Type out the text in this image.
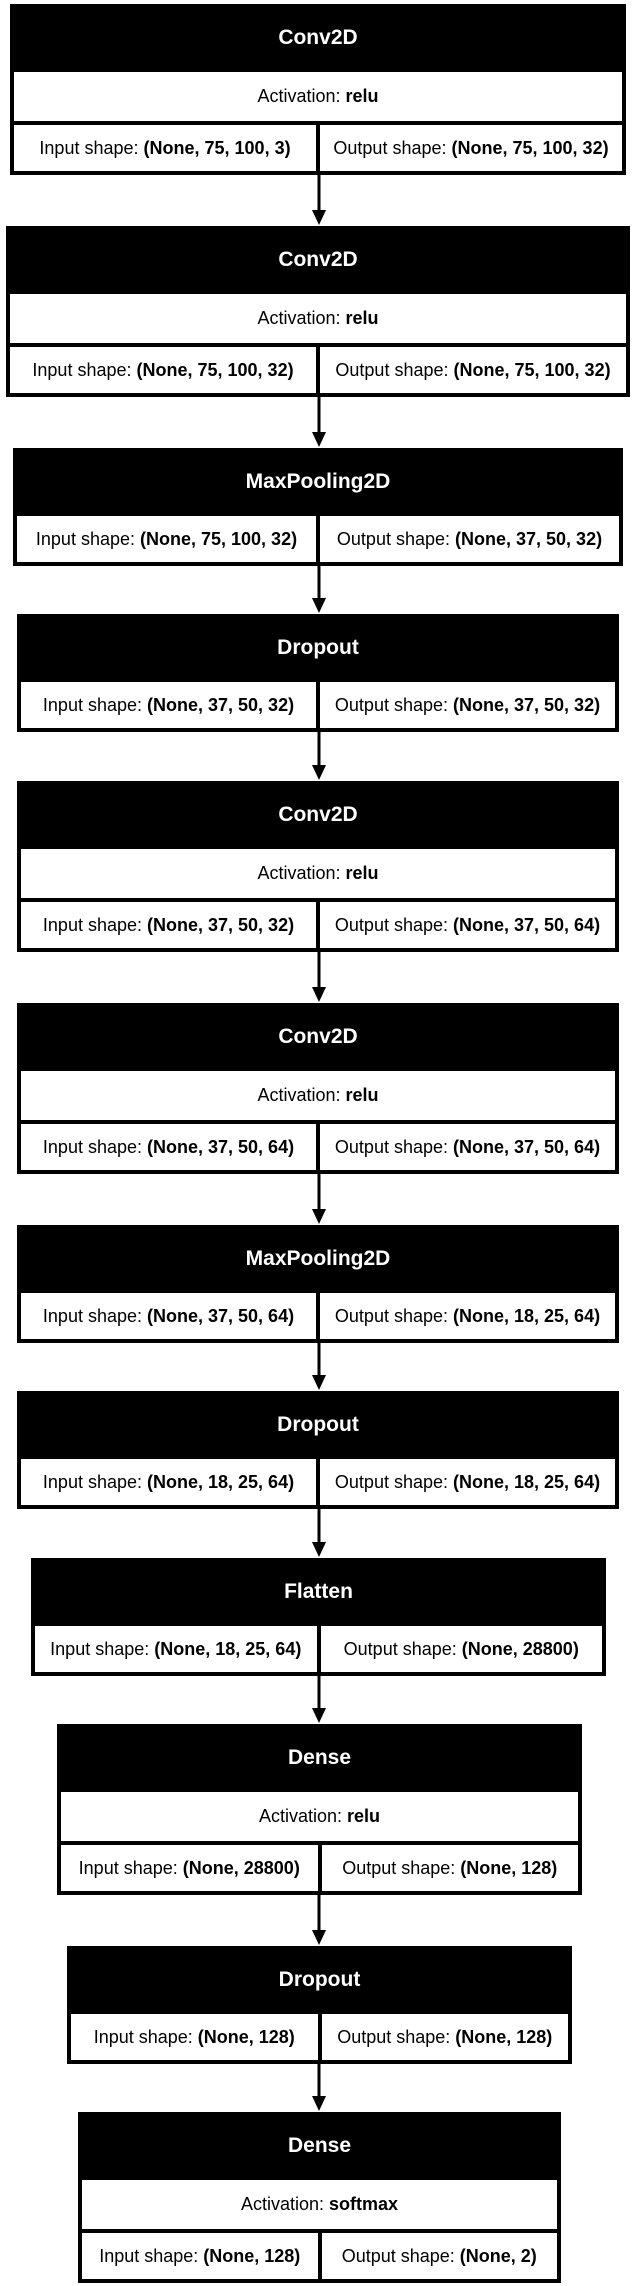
Conv2D
Activation: relu
Input shape: (None, 75, 100, 3) Output shape: (None, 75, 100, 32)
Conv2D
Activation: relu
Input shape: (None, 75, 100, 32) Output shape: (None, 75, 100, 32)
MaxPooling2D
Input shape: (None, 75, 100, 32) Output shape: (None, 37, 50, 32)
Dropout
Input shape: (None, 37, 50, 32) Output shape: (None, 37, 50, 32)
Conv2D
Activation: relu
Input shape: (None, 37, 50, 32) Output shape: (None, 37, 50, 64)
Conv2D
Activation: relu
Input shape: (None, 37, 50, 64) Output shape: (None, 37, 50, 64)
MaxPooling2D
Input shape: (None, 37, 50, 64) Output shape: (None, 18, 25, 64)
Dropout
Input shape: (None, 18, 25, 64) Output shape: (None, 18, 25, 64)
Flatten
Input shape: (None, 18, 25, 64) Output shape: (None, 28800)
Dense
Activation: relu
Input shape: (None, 28800) Output shape: (None, 128)
Dropout
Input shape: (None, 128) Output shape: (None, 128)
Dense
Activation: softmax
Input shape: (None, 128) Output shape: (None, 2)
